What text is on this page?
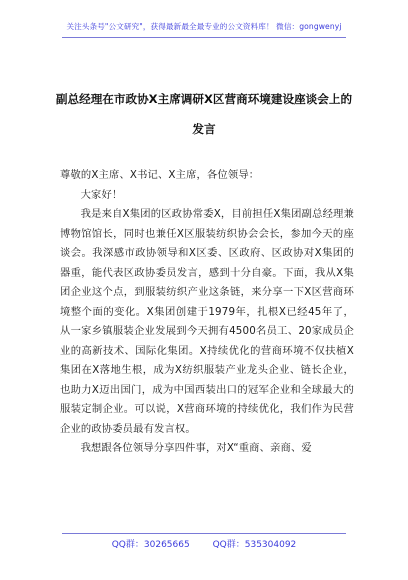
关注头条号"公文研究"，获得最新最全最专业的公文资料库！ 微信：gongwenyj
副总经理在市政协X主席调研X区营商环境建设座谈会上的
发言

尊敬的X主席、X书记、X主席，各位领导：

大家好！

我是来自X集团的区政协常委X，目前担任X集团副总经理兼博物馆馆长，同时也兼任X区服装纺织协会会长，参加今天的座谈会。我深感市政协领导和X区委、区政府、区政协对X集团的器重，能代表区政协委员发言，感到十分自豪。下面，我从X集团企业这个点，到服装纺织产业这条链，来分享一下X区营商环境整个面的变化。X集团创建于1979年，扎根X已经45年了，从一家乡镇服装企业发展到今天拥有4500名员工、20家成员企业的高新技术、国际化集团。X持续优化的营商环境不仅扶植X集团在X落地生根，成为X纺织服装产业龙头企业、链长企业，也助力X迈出国门，成为中国西装出口的冠军企业和全球最大的服装定制企业。可以说，X营商环境的持续优化，我们作为民营企业的政协委员最有发言权。

我想跟各位领导分享四件事，对X“重商、亲商、爱

QQ群：30265665	QQ群：535304092
